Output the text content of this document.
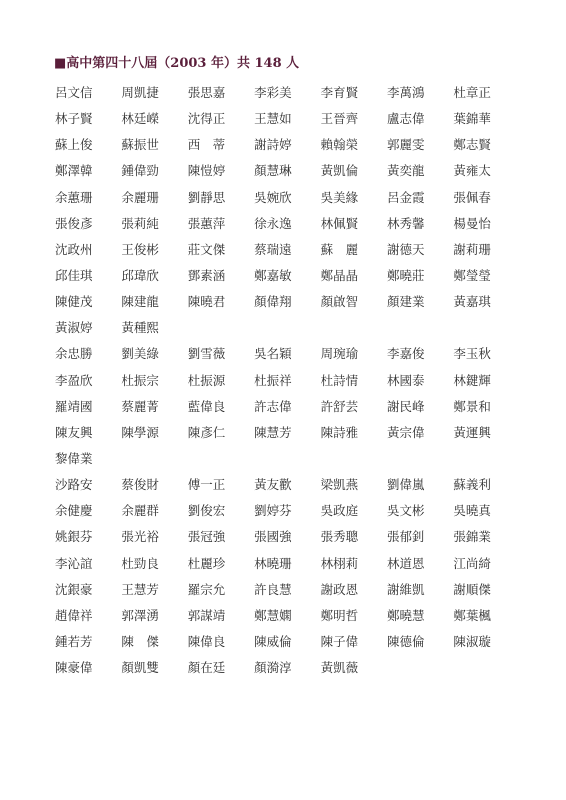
■高中第四十八屆（2003 年）共 148 人
呂文信 周凱捷 張思嘉 李彩美 李育賢 李萬鴻 杜章正
林子賢 林廷嶸 沈得正 王慧如 王晉齊 盧志偉 葉錦華
蘇上俊 蘇振世 西　蒂 謝詩婷 賴翰榮 郭麗雯 鄭志賢
鄭澤韓 鍾偉勁 陳愷婷 顏慧琳 黃凱倫 黃奕龍 黃雍太
余蕙珊 余麗珊 劉靜思 吳婉欣 吳美緣 呂金霞 張佩春
張俊彥 張莉純 張蕙萍 徐永逸 林佩賢 林秀馨 楊曼怡
沈政州 王俊彬 莊文傑 蔡瑞遠 蘇　麗 謝德天 謝莉珊
邱佳琪 邱瑋欣 鄧素涵 鄭嘉敏 鄭晶晶 鄭曉莊 鄭瑩瑩
陳健茂 陳建龍 陳曉君 顏偉翔 顏啟智 顏建業 黃嘉琪
黃淑婷 黃種熙
余忠勝 劉美綠 劉雪薇 吳名穎 周琬瑜 李嘉俊 李玉秋
李盈欣 杜振宗 杜振源 杜振祥 杜詩情 林國泰 林鍵輝
羅靖國 蔡麗菁 藍偉良 許志偉 許舒芸 謝民峰 鄭景和
陳友興 陳學源 陳彥仁 陳慧芳 陳詩雅 黃宗偉 黃運興
黎偉業
沙路安 蔡俊財 傅一正 黃友歡 梁凱燕 劉偉嵐 蘇義利
余健慶 余麗群 劉俊宏 劉婷芬 吳政庭 吳文彬 吳曉真
姚銀芬 張光裕 張冠強 張國強 張秀聰 張郁釗 張錦業
李沁誼 杜勁良 杜麗珍 林曉珊 林栩莉 林道恩 江尚綺
沈銀豪 王慧芳 羅宗允 許良慧 謝政恩 謝維凱 謝順傑
趙偉祥 郭澤湧 郭謀靖 鄭慧嫻 鄭明哲 鄭曉慧 鄭葉楓
鍾若芳 陳　傑 陳偉良 陳威倫 陳子偉 陳德倫 陳淑璇
陳豪偉 顏凱雙 顏在廷 顏漪淳 黃凱薇
